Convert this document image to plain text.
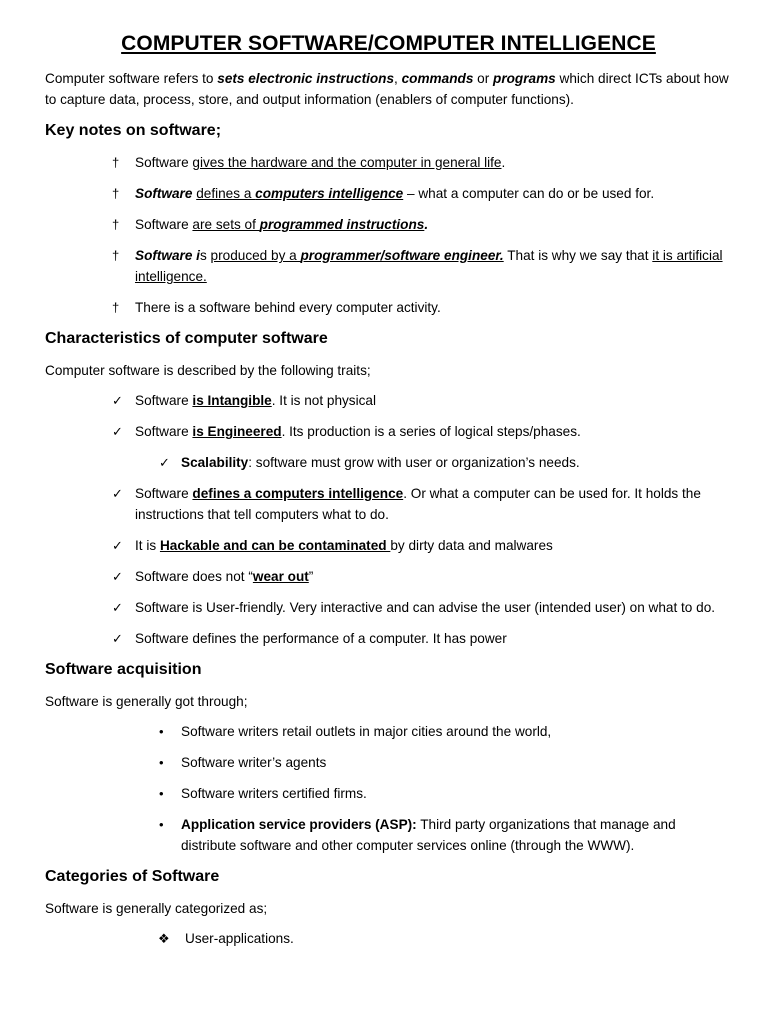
COMPUTER SOFTWARE/COMPUTER INTELLIGENCE

Computer software refers to sets electronic instructions, commands or programs which direct ICTs about how to capture data, process, store, and output information (enablers of computer functions).

Key notes on software;
† Software gives the hardware and the computer in general life.
† Software defines a computers intelligence – what a computer can do or be used for.
† Software are sets of programmed instructions.
† Software is produced by a programmer/software engineer. That is why we say that it is artificial intelligence.
† There is a software behind every computer activity.
Characteristics of computer software

Computer software is described by the following traits;

✓ Software is Intangible. It is not physical
✓ Software is Engineered. Its production is a series of logical steps/phases.
✓ Scalability: software must grow with user or organization’s needs.
✓ Software defines a computers intelligence. Or what a computer can be used for. It holds the instructions that tell computers what to do.
✓ It is Hackable and can be contaminated by dirty data and malwares
✓ Software does not “wear out”
✓ Software is User-friendly. Very interactive and can advise the user (intended user) on what to do.
✓ Software defines the performance of a computer. It has power
Software acquisition

Software is generally got through;

• Software writers retail outlets in major cities around the world,
• Software writer’s agents
• Software writers certified firms.
• Application service providers (ASP): Third party organizations that manage and distribute software and other computer services online (through the WWW).
Categories of Software

Software is generally categorized as;

❖ User-applications.
